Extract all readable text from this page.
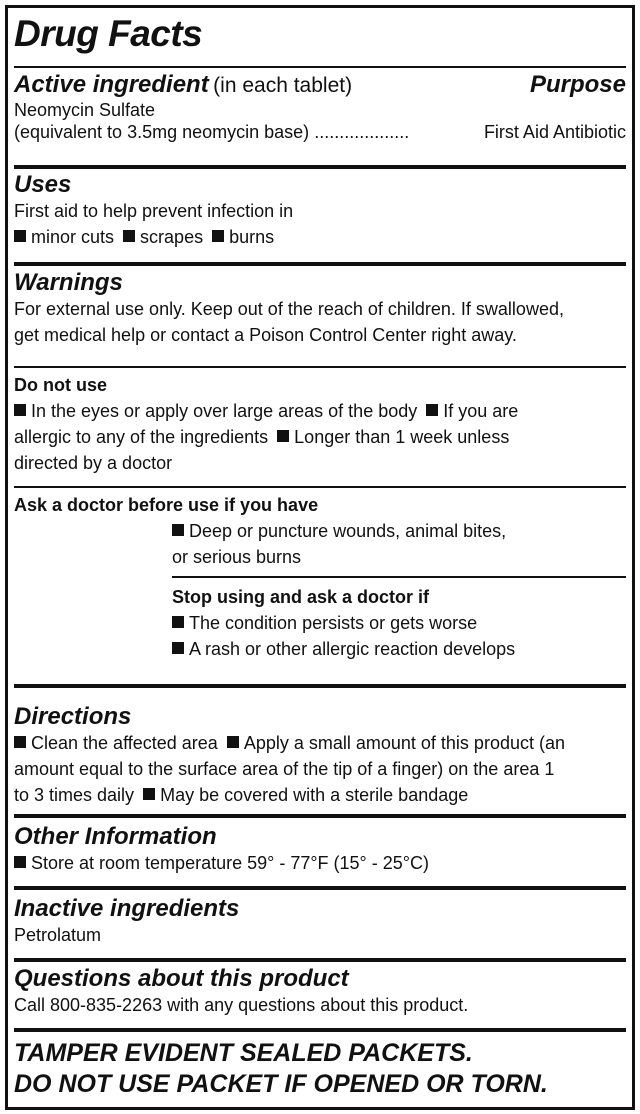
Drug Facts
Active ingredient (in each tablet)	Purpose
Neomycin Sulfate
(equivalent to 3.5mg neomycin base) ...................	First Aid Antibiotic
Uses
First aid to help prevent infection in
minor cuts scrapes burns
Warnings
For external use only. Keep out of the reach of children. If swallowed,
get medical help or contact a Poison Control Center right away.
Do not use
In the eyes or apply over large areas of the body If you are
allergic to any of the ingredients Longer than 1 week unless
directed by a doctor
Ask a doctor before use if you have
Deep or puncture wounds, animal bites,
or serious burns
Stop using and ask a doctor if
The condition persists or gets worse
A rash or other allergic reaction develops
Directions
Clean the affected area Apply a small amount of this product (an
amount equal to the surface area of the tip of a finger) on the area 1
to 3 times daily May be covered with a sterile bandage
Other Information
Store at room temperature 59° - 77°F (15° - 25°C)
Inactive ingredients
Petrolatum
Questions about this product
Call 800-835-2263 with any questions about this product.
TAMPER EVIDENT SEALED PACKETS.
DO NOT USE PACKET IF OPENED OR TORN.
